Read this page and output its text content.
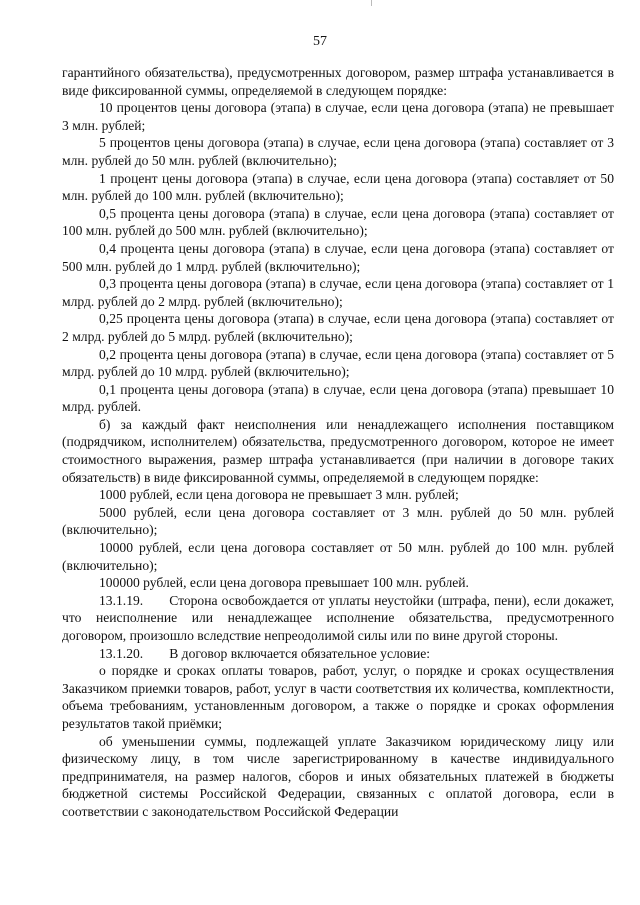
57

гарантийного обязательства), предусмотренных договором, размер штрафа устанавливается в виде фиксированной суммы, определяемой в следующем порядке:

10 процентов цены договора (этапа) в случае, если цена договора (этапа) не превышает 3 млн. рублей;

5 процентов цены договора (этапа) в случае, если цена договора (этапа) составляет от 3 млн. рублей до 50 млн. рублей (включительно);

1 процент цены договора (этапа) в случае, если цена договора (этапа) составляет от 50 млн. рублей до 100 млн. рублей (включительно);

0,5 процента цены договора (этапа) в случае, если цена договора (этапа) составляет от 100 млн. рублей до 500 млн. рублей (включительно);

0,4 процента цены договора (этапа) в случае, если цена договора (этапа) составляет от 500 млн. рублей до 1 млрд. рублей (включительно);

0,3 процента цены договора (этапа) в случае, если цена договора (этапа) составляет от 1 млрд. рублей до 2 млрд. рублей (включительно);

0,25 процента цены договора (этапа) в случае, если цена договора (этапа) составляет от 2 млрд. рублей до 5 млрд. рублей (включительно);

0,2 процента цены договора (этапа) в случае, если цена договора (этапа) составляет от 5 млрд. рублей до 10 млрд. рублей (включительно);

0,1 процента цены договора (этапа) в случае, если цена договора (этапа) превышает 10 млрд. рублей.

б) за каждый факт неисполнения или ненадлежащего исполнения поставщиком (подрядчиком, исполнителем) обязательства, предусмотренного договором, которое не имеет стоимостного выражения, размер штрафа устанавливается (при наличии в договоре таких обязательств) в виде фиксированной суммы, определяемой в следующем порядке:

1000 рублей, если цена договора не превышает 3 млн. рублей;

5000 рублей, если цена договора составляет от 3 млн. рублей до 50 млн. рублей (включительно);

10000 рублей, если цена договора составляет от 50 млн. рублей до 100 млн. рублей (включительно);

100000 рублей, если цена договора превышает 100 млн. рублей.

13.1.19. Сторона освобождается от уплаты неустойки (штрафа, пени), если докажет, что неисполнение или ненадлежащее исполнение обязательства, предусмотренного договором, произошло вследствие непреодолимой силы или по вине другой стороны.

13.1.20. В договор включается обязательное условие:

о порядке и сроках оплаты товаров, работ, услуг, о порядке и сроках осуществления Заказчиком приемки товаров, работ, услуг в части соответствия их количества, комплектности, объема требованиям, установленным договором, а также о порядке и сроках оформления результатов такой приёмки;

об уменьшении суммы, подлежащей уплате Заказчиком юридическому лицу или физическому лицу, в том числе зарегистрированному в качестве индивидуального предпринимателя, на размер налогов, сборов и иных обязательных платежей в бюджеты бюджетной системы Российской Федерации, связанных с оплатой договора, если в соответствии с законодательством Российской Федерации
